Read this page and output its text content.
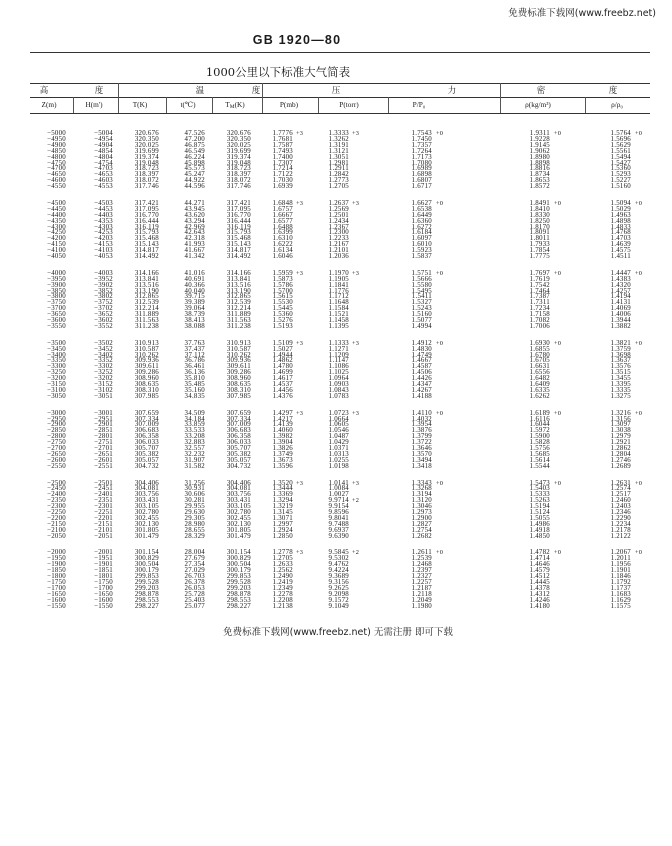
免费标准下载网(www.freebz.net)
GB 1920—80
1000公里以下标准大气简表
高	度	温	度	压	力	密	度
Z(m)	H(m')	T(K)	t(℃)	$T_M(K)$	P(mb)	P(torr)	P/P₀	ρ(kg/m³)	ρ/ρ₀
−5000	−5004	320.676	47.526	320.676	1.7776 +3	1.3333 +3	1.7543 +0	1.9311 +0	1.5764 +0
−4950	−4954	320.350	47.200	320.350	1.7681	1.3262	1.7450	1.9228	1.5696
−4900	−4904	320.025	46.875	320.025	1.7587	1.3191	1.7357	1.9145	1.5629
−4850	−4854	319.699	46.549	319.699	1.7493	1.3121	1.7264	1.9062	1.5561
−4800	−4804	319.374	46.224	319.374	1.7400	1.3051	1.7173	1.8980	1.5494
−4750	−4754	319.048	45.898	319.048	1.7307	1.2981	1.7080	1.8898	1.5427
−4700	−4703	318.723	45.573	318.723	1.7214	1.2911	1.6989	1.8816	1.5360
−4650	−4653	318.397	45.247	318.397	1.7122	1.2842	1.6898	1.8734	1.5293
−4600	−4603	318.072	44.922	318.072	1.7030	1.2773	1.6807	1.8653	1.5227
−4550	−4553	317.746	44.596	317.746	1.6939	1.2705	1.6717	1.8572	1.5160
−4500	−4503	317.421	44.271	317.421	1.6848 +3	1.2637 +3	1.6627 +0	1.8491 +0	1.5094 +0
−4450	−4453	317.095	43.945	317.095	1.6757	1.2569	1.6538	1.8410	1.5029
−4400	−4403	316.770	43.620	316.770	1.6667	1.2501	1.6449	1.8330	1.4963
−4350	−4353	316.444	43.294	316.444	1.6577	1.2434	1.6360	1.8250	1.4898
−4300	−4303	316.119	42.969	316.119	1.6488	1.2367	1.6272	1.8170	1.4833
−4250	−4253	315.793	42.643	315.793	1.6399	1.2300	1.6184	1.8091	1.4768
−4200	−4203	315.468	42.318	315.468	1.6310	1.2233	1.6097	1.8011	1.4703
−4150	−4153	315.143	41.993	315.143	1.6222	1.2167	1.6010	1.7933	1.4639
−4100	−4103	314.817	41.667	314.817	1.6134	1.2101	1.5923	1.7854	1.4575
−4050	−4053	314.492	41.342	314.492	1.6046	1.2036	1.5837	1.7775	1.4511
−4000	−4003	314.166	41.016	314.166	1.5959 +3	1.1970 +3	1.5751 +0	1.7697 +0	1.4447 +0
−3950	−3952	313.841	40.691	313.841	1.5873	1.1905	1.5666	1.7619	1.4383
−3900	−3902	313.516	40.366	313.516	1.5786	1.1841	1.5580	1.7542	1.4320
−3850	−3852	313.190	40.040	313.190	1.5700	1.1776	1.5495	1.7464	1.4257
−3800	−3802	312.865	39.715	312.865	1.5615	1.1712	1.5411	1.7387	1.4194
−3750	−3752	312.539	39.389	312.539	1.5530	1.1648	1.5327	1.7311	1.4131
−3700	−3702	312.214	39.064	312.214	1.5445	1.1584	1.5243	1.7234	1.4069
−3650	−3652	311.889	38.739	311.889	1.5360	1.1521	1.5160	1.7158	1.4006
−3600	−3602	311.563	38.413	311.563	1.5276	1.1458	1.5077	1.7082	1.3944
−3550	−3552	311.238	38.088	311.238	1.5193	1.1395	1.4994	1.7006	1.3882
−3500	−3502	310.913	37.763	310.913	1.5109 +3	1.1333 +3	1.4912 +0	1.6930 +0	1.3821 +0
−3450	−3452	310.587	37.437	310.587	1.5027	1.1271	1.4830	1.6855	1.3759
−3400	−3402	310.262	37.112	310.262	1.4944	1.1209	1.4749	1.6780	1.3698
−3350	−3352	309.936	36.786	309.936	1.4862	1.1147	1.4667	1.6705	1.3637
−3300	−3302	309.611	36.461	309.611	1.4780	1.1086	1.4587	1.6631	1.3576
−3250	−3252	309.286	36.136	309.286	1.4699	1.1025	1.4506	1.6556	1.3515
−3200	−3202	308.960	35.810	308.960	1.4617	1.0964	1.4426	1.6482	1.3455
−3150	−3152	308.635	35.485	308.635	1.4537	1.0903	1.4347	1.6409	1.3395
−3100	−3102	308.310	35.160	308.310	1.4456	1.0843	1.4267	1.6335	1.3335
−3050	−3051	307.985	34.835	307.985	1.4376	1.0783	1.4188	1.6262	1.3275
−3000	−3001	307.659	34.509	307.659	1.4297 +3	1.0723 +3	1.4110 +0	1.6189 +0	1.3216 +0
−2950	−2951	307.334	34.184	307.334	1.4217	1.0664	1.4032	1.6116	1.3156
−2900	−2901	307.009	33.859	307.009	1.4139	1.0605	1.3954	1.6044	1.3097
−2850	−2851	306.683	33.533	306.683	1.4060	1.0546	1.3876	1.5972	1.3038
−2800	−2801	306.358	33.208	306.358	1.3982	1.0487	1.3799	1.5900	1.2979
−2750	−2751	306.033	32.883	306.033	1.3904	1.0429	1.3722	1.5828	1.2921
−2700	−2701	305.707	32.557	305.707	1.3826	1.0371	1.3646	1.5756	1.2862
−2650	−2651	305.382	32.232	305.382	1.3749	1.0313	1.3570	1.5685	1.2804
−2600	−2601	305.057	31.907	305.057	1.3673	1.0255	1.3494	1.5614	1.2746
−2550	−2551	304.732	31.582	304.732	1.3596	1.0198	1.3418	1.5544	1.2689
−2500	−2501	304.406	31.256	304.406	1.3520 +3	1.0141 +3	1.3343 +0	1.5473 +0	1.2631 +0
−2450	−2451	304.081	30.931	304.081	1.3444	1.0084	1.3268	1.5403	1.2574
−2400	−2401	303.756	30.606	303.756	1.3369	1.0027	1.3194	1.5333	1.2517
−2350	−2351	303.431	30.281	303.431	1.3294	9.9714 +2	1.3120	1.5263	1.2460
−2300	−2301	303.105	29.955	303.105	1.3219	9.9154	1.3046	1.5194	1.2403
−2250	−2251	302.780	29.630	302.780	1.3145	9.8596	1.2973	1.5124	1.2346
−2200	−2201	302.455	29.305	302.455	1.3071	9.8041	1.2900	1.5055	1.2290
−2150	−2151	302.130	28.980	302.130	1.2997	9.7488	1.2827	1.4986	1.2234
−2100	−2101	301.805	28.655	301.805	1.2924	9.6937	1.2754	1.4918	1.2178
−2050	−2051	301.479	28.329	301.479	1.2850	9.6390	1.2682	1.4850	1.2122
−2000	−2001	301.154	28.004	301.154	1.2778 +3	9.5845 +2	1.2611 +0	1.4782 +0	1.2067 +0
−1950	−1951	300.829	27.679	300.829	1.2705	9.5302	1.2539	1.4714	1.2011
−1900	−1901	300.504	27.354	300.504	1.2633	9.4762	1.2468	1.4646	1.1956
−1850	−1851	300.179	27.029	300.179	1.2562	9.4224	1.2397	1.4579	1.1901
−1800	−1801	299.853	26.703	299.853	1.2490	9.3689	1.2327	1.4512	1.1846
−1750	−1750	299.528	26.378	299.528	1.2419	9.3156	1.2257	1.4445	1.1792
−1700	−1700	299.203	26.053	299.203	1.2349	9.2625	1.2187	1.4378	1.1737
−1650	−1650	298.878	25.728	298.878	1.2278	9.2098	1.2118	1.4312	1.1683
−1600	−1600	298.553	25.403	298.553	1.2208	9.1572	1.2049	1.4246	1.1629
−1550	−1550	298.227	25.077	298.227	1.2138	9.1049	1.1980	1.4180	1.1575
免费标准下载网(www.freebz.net) 无需注册 即可下载
